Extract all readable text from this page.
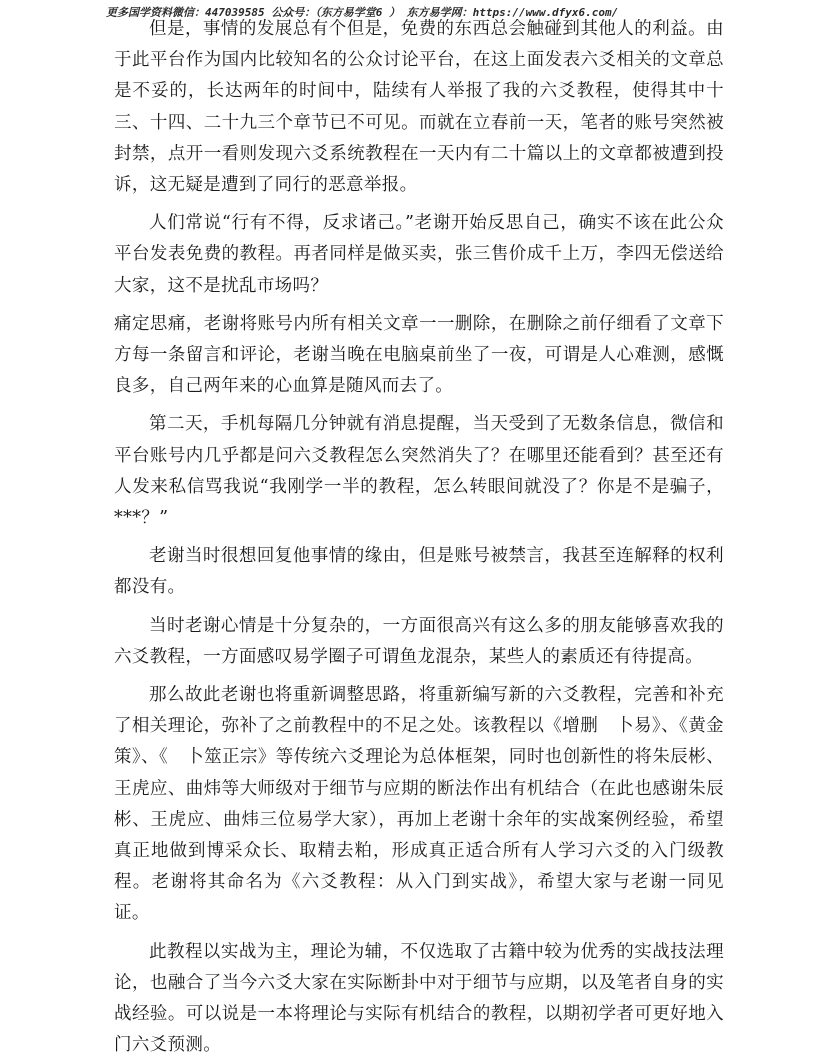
更多国学资料微信：447039585 公众号：（东方易学堂6 ） 东方易学网：https://www.dfyx6.com/

但是，事情的发展总有个但是，免费的东西总会触碰到其他人的利益。由于此平台作为国内比较知名的公众讨论平台，在这上面发表六爻相关的文章总是不妥的，长达两年的时间中，陆续有人举报了我的六爻教程，使得其中十三、十四、二十九三个章节已不可见。而就在立春前一天，笔者的账号突然被封禁，点开一看则发现六爻系统教程在一天内有二十篇以上的文章都被遭到投诉，这无疑是遭到了同行的恶意举报。

人们常说“行有不得，反求诸己。”老谢开始反思自己，确实不该在此公众平台发表免费的教程。再者同样是做买卖，张三售价成千上万，李四无偿送给大家，这不是扰乱市场吗？

痛定思痛，老谢将账号内所有相关文章一一删除，在删除之前仔细看了文章下方每一条留言和评论，老谢当晚在电脑桌前坐了一夜，可谓是人心难测，感慨良多，自己两年来的心血算是随风而去了。

第二天，手机每隔几分钟就有消息提醒，当天受到了无数条信息，微信和平台账号内几乎都是问六爻教程怎么突然消失了？在哪里还能看到？甚至还有人发来私信骂我说“我刚学一半的教程，怎么转眼间就没了？你是不是骗子，***？”

老谢当时很想回复他事情的缘由，但是账号被禁言，我甚至连解释的权利都没有。

当时老谢心情是十分复杂的，一方面很高兴有这么多的朋友能够喜欢我的六爻教程，一方面感叹易学圈子可谓鱼龙混杂，某些人的素质还有待提高。

那么故此老谢也将重新调整思路，将重新编写新的六爻教程，完善和补充了相关理论，弥补了之前教程中的不足之处。该教程以《增删　卜易》、《黄金策》、《　卜筮正宗》等传统六爻理论为总体框架，同时也创新性的将朱辰彬、王虎应、曲炜等大师级对于细节与应期的断法作出有机结合（在此也感谢朱辰彬、王虎应、曲炜三位易学大家），再加上老谢十余年的实战案例经验，希望真正地做到博采众长、取精去粕，形成真正适合所有人学习六爻的入门级教程。老谢将其命名为《六爻教程：从入门到实战》，希望大家与老谢一同见证。

此教程以实战为主，理论为辅，不仅选取了古籍中较为优秀的实战技法理论，也融合了当今六爻大家在实际断卦中对于细节与应期，以及笔者自身的实战经验。可以说是一本将理论与实际有机结合的教程，以期初学者可更好地入门六爻预测。
